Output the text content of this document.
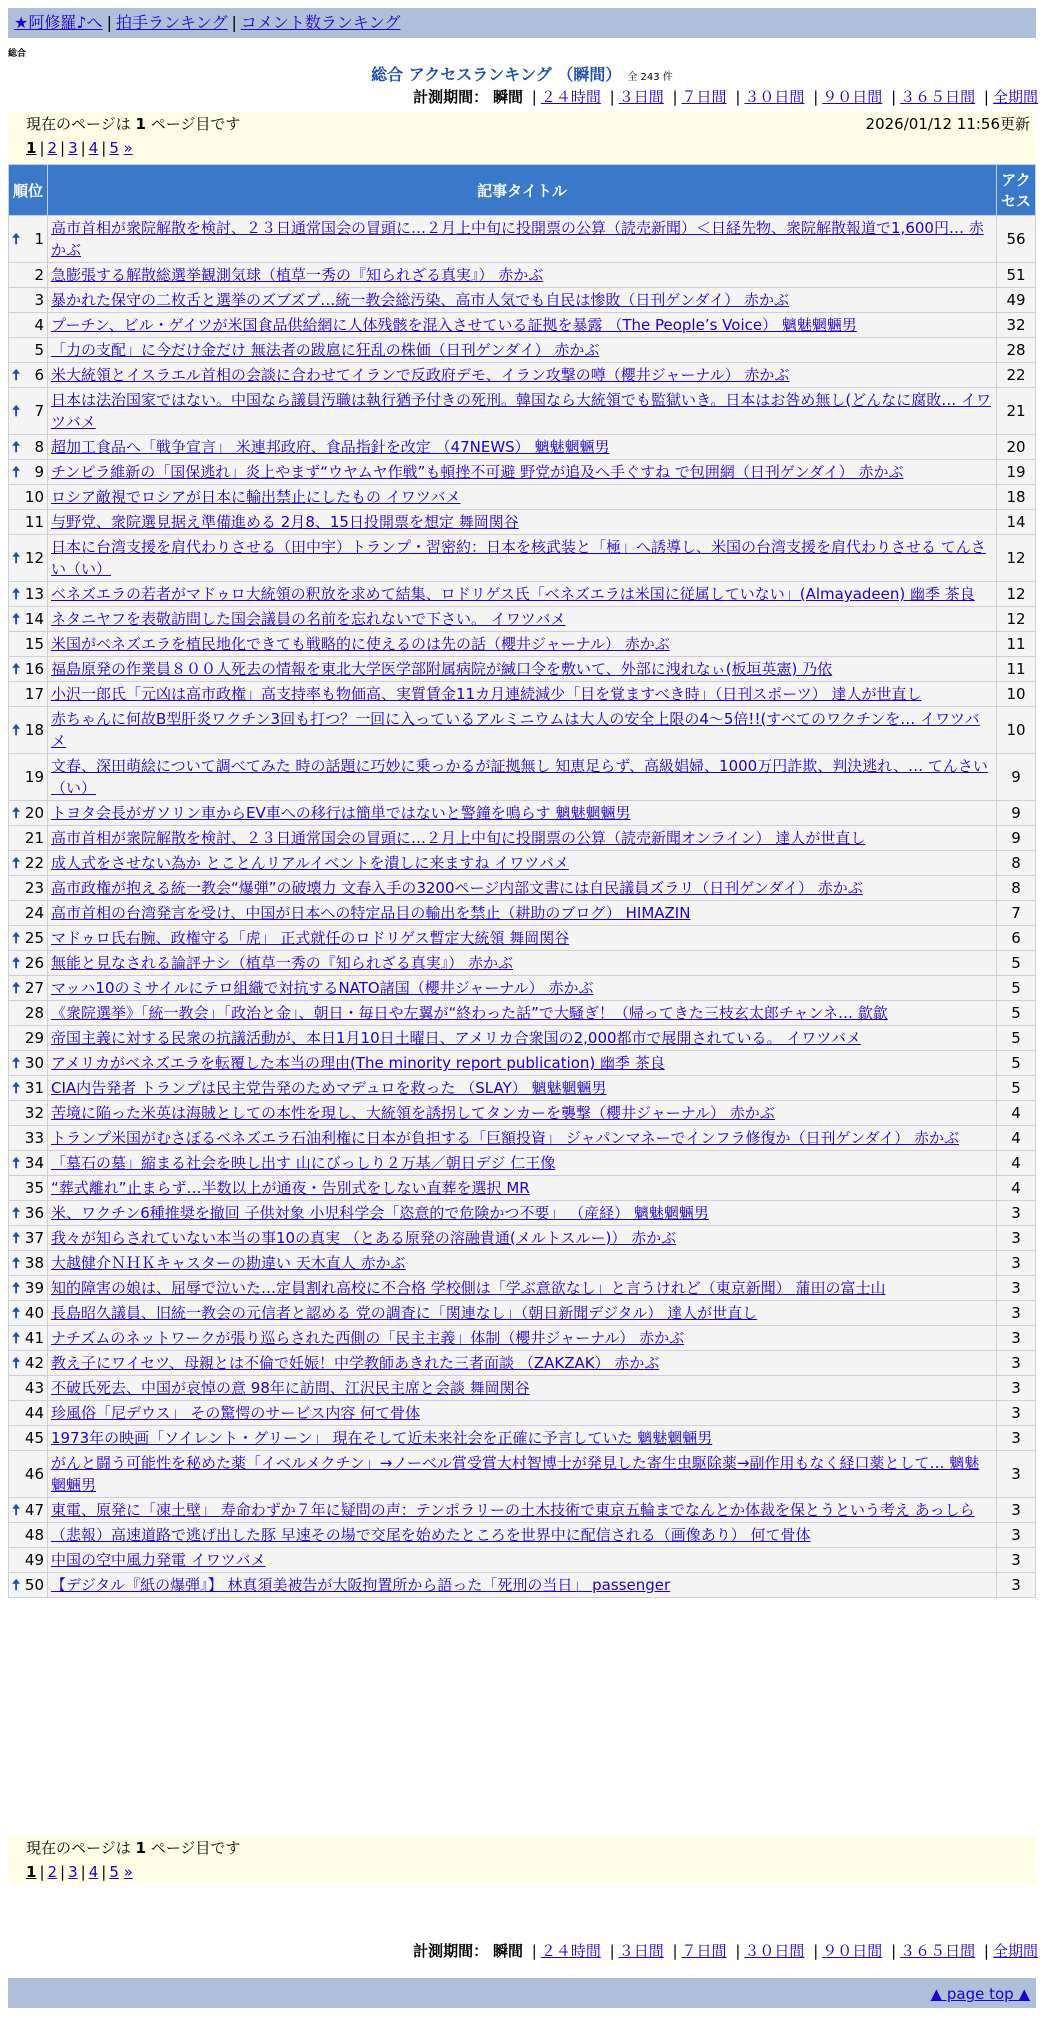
★阿修羅♪へ | 拍手ランキング | コメント数ランキング
総合
総合 アクセスランキング （瞬間） 全 243 件
計測期間： 瞬間 | ２４時間 | ３日間 | ７日間 | ３０日間 | ９０日間 | ３６５日間 | 全期間
現在のページは 1 ページ目です	2026/01/12 11:56更新
1 | 2 | 3 | 4 | 5 »
順位	記事タイトル	アクセス

🠅 1	高市首相が衆院解散を検討、２３日通常国会の冒頭に…２月上中旬に投開票の公算（読売新聞）＜日経先物、衆院解散報道で1,600円… 赤かぶ	56
2	急膨張する解散総選挙観測気球（植草一秀の『知られざる真実』） 赤かぶ	51
3	暴かれた保守の二枚舌と選挙のズブズブ…統一教会総汚染、高市人気でも自民は惨敗（日刊ゲンダイ） 赤かぶ	49
4	プーチン、ビル・ゲイツが米国食品供給網に人体残骸を混入させている証拠を暴露 （The People’s Voice） 魑魅魍魎男	32
5	「力の支配」に今だけ金だけ 無法者の跋扈に狂乱の株価（日刊ゲンダイ） 赤かぶ	28

🠅 6	米大統領とイスラエル首相の会談に合わせてイランで反政府デモ、イラン攻撃の噂（櫻井ジャーナル） 赤かぶ	22

🠅 7	日本は法治国家ではない。中国なら議員汚職は執行猶予付きの死刑。韓国なら大統領でも監獄いき。日本はお咎め無し(どんなに腐敗… イワツバメ	21

🠅 8	超加工食品へ「戦争宣言」 米連邦政府、食品指針を改定 （47NEWS） 魑魅魍魎男	20

🠅 9	チンピラ維新の「国保逃れ」炎上やまず“ウヤムヤ作戦”も頓挫不可避 野党が追及へ手ぐすね で包囲網（日刊ゲンダイ） 赤かぶ	19
10	ロシア敵視でロシアが日本に輸出禁止にしたもの イワツバメ	18
11	与野党、衆院選見据え準備進める 2月8、15日投開票を想定 舞岡関谷	14

🠅 12	日本に台湾支援を肩代わりさせる（田中宇）トランプ・習密約：日本を核武装と「極」へ誘導し、米国の台湾支援を肩代わりさせる てんさい（い）	12

🠅 13	ベネズエラの若者がマドゥロ大統領の釈放を求めて結集、ロドリゲス氏「ベネズエラは米国に従属していない」(Almayadeen) 幽季 茶良	12

🠅 14	ネタニヤフを表敬訪問した国会議員の名前を忘れないで下さい。 イワツバメ	12
15	米国がベネズエラを植民地化できても戦略的に使えるのは先の話（櫻井ジャーナル） 赤かぶ	11

🠅 16	福島原発の作業員８００人死去の情報を東北大学医学部附属病院が緘口令を敷いて、外部に洩れなぃ(板垣英憲) 乃依	11
17	小沢一郎氏「元凶は高市政権」高支持率も物価高、実質賃金11カ月連続減少「目を覚ますべき時」（日刊スポーツ） 達人が世直し	10

🠅 18	赤ちゃんに何故B型肝炎ワクチン3回も打つ？一回に入っているアルミニウムは大人の安全上限の4～5倍!!(すべてのワクチンを… イワツバメ	10
19	文春、深田萌絵について調べてみた 時の話題に巧妙に乗っかるが証拠無し 知恵足らず、高級娼婦、1000万円詐欺、判決逃れ、… てんさい（い）	9

🠅 20	トヨタ会長がガソリン車からEV車への移行は簡単ではないと警鐘を鳴らす 魑魅魍魎男	9
21	高市首相が衆院解散を検討、２３日通常国会の冒頭に…２月上中旬に投開票の公算（読売新聞オンライン） 達人が世直し	9

🠅 22	成人式をさせない為か とことんリアルイベントを潰しに来ますね イワツバメ	8
23	高市政権が抱える統一教会“爆弾”の破壊力 文春入手の3200ページ内部文書には自民議員ズラリ（日刊ゲンダイ） 赤かぶ	8
24	高市首相の台湾発言を受け、中国が日本への特定品目の輸出を禁止（耕助のブログ） HIMAZIN	7

🠅 25	マドゥロ氏右腕、政権守る「虎」 正式就任のロドリゲス暫定大統領 舞岡関谷	6

🠅 26	無能と見なされる論評ナシ（植草一秀の『知られざる真実』） 赤かぶ	5

🠅 27	マッハ10のミサイルにテロ組織で対抗するNATO諸国（櫻井ジャーナル） 赤かぶ	5
28	《衆院選挙》「統一教会」「政治と金」、朝日・毎日や左翼が“終わった話”で大騒ぎ！（帰ってきた三枝玄太郎チャンネ… 歙歙	5
29	帝国主義に対する民衆の抗議活動が、本日1月10日土曜日、アメリカ合衆国の2,000都市で展開されている。 イワツバメ	5

🠅 30	アメリカがベネズエラを転覆した本当の理由(The minority report publication) 幽季 茶良	5

🠅 31	CIA内告発者 トランプは民主党告発のためマデュロを救った （SLAY） 魑魅魍魎男	5
32	苦境に陥った米英は海賊としての本性を現し、大統領を誘拐してタンカーを襲撃（櫻井ジャーナル） 赤かぶ	4
33	トランプ米国がむさぼるベネズエラ石油利権に日本が負担する「巨額投資」 ジャパンマネーでインフラ修復か（日刊ゲンダイ） 赤かぶ	4

🠅 34	「墓石の墓」縮まる社会を映し出す 山にびっしり２万基／朝日デジ 仁王像	4
35	“葬式離れ”止まらず…半数以上が通夜・告別式をしない直葬を選択 MR	4

🠅 36	米、ワクチン6種推奨を撤回 子供対象 小児科学会「恣意的で危険かつ不要」 （産経） 魑魅魍魎男	3

🠅 37	我々が知らされていない本当の事10の真実 （とある原発の溶融貴通(メルトスルー)） 赤かぶ	3

🠅 38	大越健介ＮＨＫキャスターの勘違い 天木直人 赤かぶ	3

🠅 39	知的障害の娘は、屈辱で泣いた…定員割れ高校に不合格 学校側は「学ぶ意欲なし」と言うけれど（東京新聞） 蒲田の富士山	3

🠅 40	長島昭久議員、旧統一教会の元信者と認める 党の調査に「関連なし」（朝日新聞デジタル） 達人が世直し	3

🠅 41	ナチズムのネットワークが張り巡らされた西側の「民主主義」体制（櫻井ジャーナル） 赤かぶ	3

🠅 42	教え子にワイセツ、母親とは不倫で妊娠！中学教師あきれた三者面談 （ZAKZAK） 赤かぶ	3
43	不破氏死去、中国が哀悼の意 98年に訪問、江沢民主席と会談 舞岡関谷	3
44	珍風俗「尼デウス」 その驚愕のサービス内容 何て骨体	3
45	1973年の映画「ソイレント・グリーン」 現在そして近未来社会を正確に予言していた 魑魅魍魎男	3
46	がんと闘う可能性を秘めた薬「イベルメクチン」→ノーベル賞受賞大村智博士が発見した寄生虫駆除薬→副作用もなく経口薬として… 魑魅魍魎男	3

🠅 47	東電、原発に「凍土壁」 寿命わずか７年に疑問の声：テンポラリーの土木技術で東京五輪までなんとか体裁を保とうという考え あっしら	3
48	（悲報）高速道路で逃げ出した豚 早速その場で交尾を始めたところを世界中に配信される（画像あり） 何て骨体	3
49	中国の空中風力発電 イワツバメ	3

🠅 50	【デジタル『紙の爆弾』】 林真須美被告が大阪拘置所から語った「死刑の当日」 passenger	3
現在のページは 1 ページ目です
1 | 2 | 3 | 4 | 5 »
計測期間： 瞬間 | ２４時間 | ３日間 | ７日間 | ３０日間 | ９０日間 | ３６５日間 | 全期間
▲ page top ▲
